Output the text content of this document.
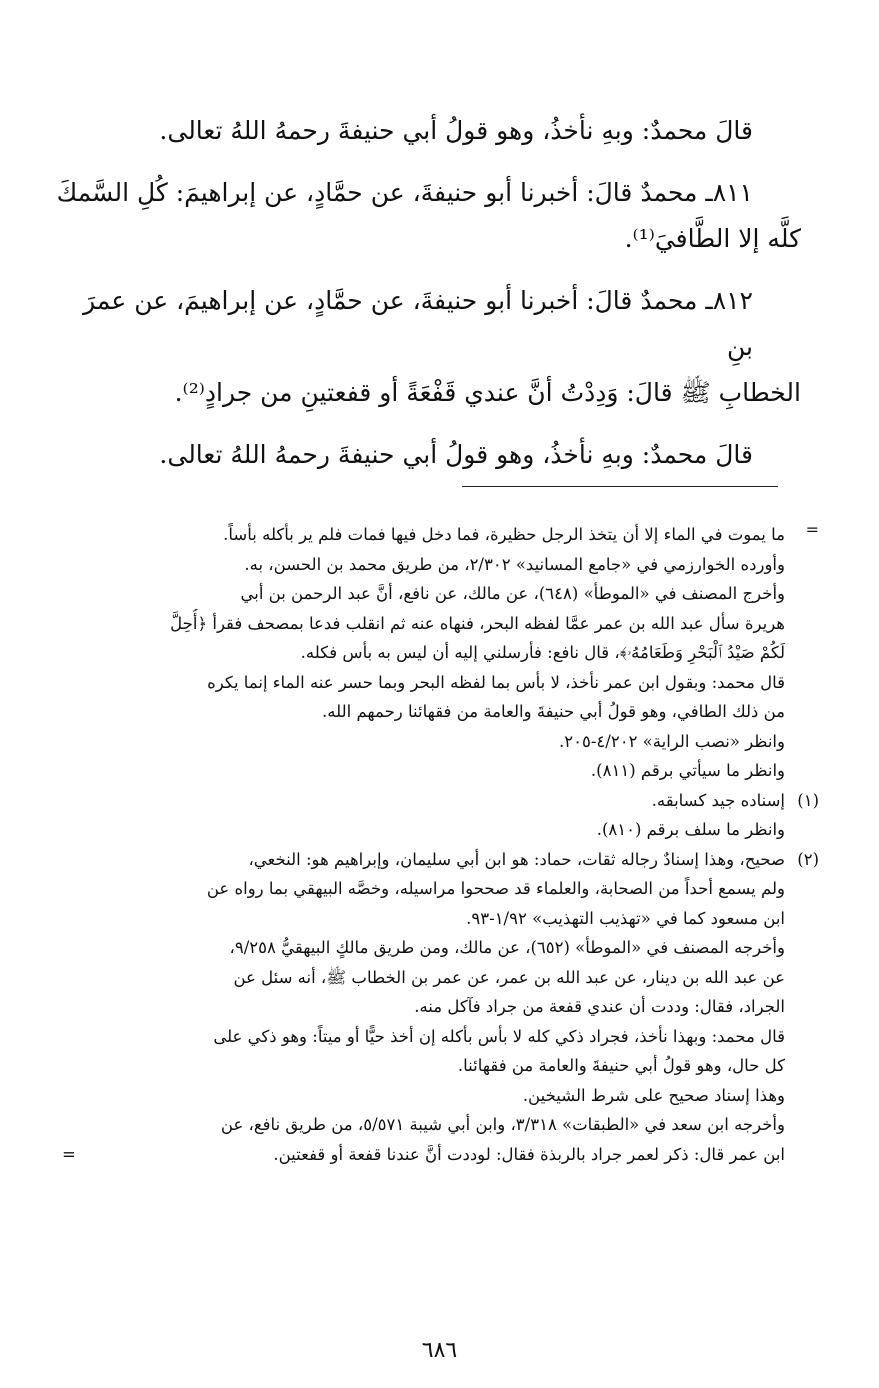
قالَ محمدٌ: وبهِ نأخذُ، وهو قولُ أبي حنيفةَ رحمهُ اللهُ تعالى.

٨١١ـ محمدٌ قالَ: أخبرنا أبو حنيفةَ، عن حمَّادٍ، عن إبراهيمَ: كُلِ السَّمكَ

كلَّه إلا الطَّافيَ⁽¹⁾.

٨١٢ـ محمدٌ قالَ: أخبرنا أبو حنيفةَ، عن حمَّادٍ، عن إبراهيمَ، عن عمرَ بنِ

الخطابِ ﷺ قالَ: وَدِدْتُ أنَّ عندي قَفْعَةً أو قفعتينِ من جرادٍ⁽²⁾.

قالَ محمدٌ: وبهِ نأخذُ، وهو قولُ أبي حنيفةَ رحمهُ اللهُ تعالى.

=
ما يموت في الماء إلا أن يتخذ الرجل حظيرة، فما دخل فيها فمات فلم ير بأكله بأساً.
وأورده الخوارزمي في «جامع المسانيد» ٢/٣٠٢، من طريق محمد بن الحسن، به.
وأخرج المصنف في «الموطأ» (٦٤٨)، عن مالك، عن نافع، أنَّ عبد الرحمن بن أبي
هريرة سأل عبد الله بن عمر عمَّا لفظه البحر، فنهاه عنه ثم انقلب فدعا بمصحف فقرأ ﴿أُحِلَّ
لَكُمْ صَيْدُ ٱلْبَحْرِ وَطَعَامُهُۥ﴾، قال نافع: فأرسلني إليه أن ليس به بأس فكله.
قال محمد: وبقول ابن عمر نأخذ، لا بأس بما لفظه البحر وبما حسر عنه الماء إنما يكره
من ذلك الطافي، وهو قولُ أبي حنيفةَ والعامة من فقهائنا رحمهم الله.
وانظر «نصب الراية» ٤/٢٠٢-٢٠٥.
وانظر ما سيأتي برقم (٨١١).
(١)
إسناده جيد كسابقه.
وانظر ما سلف برقم (٨١٠).
(٢)
صحيح، وهذا إسنادٌ رجاله ثقات، حماد: هو ابن أبي سليمان، وإبراهيم هو: النخعي،
ولم يسمع أحداً من الصحابة، والعلماء قد صححوا مراسيله، وخصَّه البيهقي بما رواه عن
ابن مسعود كما في «تهذيب التهذيب» ١/٩٢-٩٣.
وأخرجه المصنف في «الموطأ» (٦٥٢)، عن مالك، ومن طريق مالكٍ البيهقيُّ ٩/٢٥٨،
عن عبد الله بن دينار، عن عبد الله بن عمر، عن عمر بن الخطاب ﷺ، أنه سئل عن
الجراد، فقال: وددت أن عندي قفعة من جراد فآكل منه.
قال محمد: وبهذا نأخذ، فجراد ذكي كله لا بأس بأكله إن أخذ حيًّا أو ميتاً: وهو ذكي على
كل حال، وهو قولُ أبي حنيفةَ والعامة من فقهائنا.
وهذا إسناد صحيح على شرط الشيخين.
وأخرجه ابن سعد في «الطبقات» ٣/٣١٨، وابن أبي شيبة ٥/٥٧١، من طريق نافع، عن
ابن عمر قال: ذكر لعمر جراد بالربذة فقال: لوددت أنَّ عندنا قفعة أو قفعتين.
=
٦٨٦
